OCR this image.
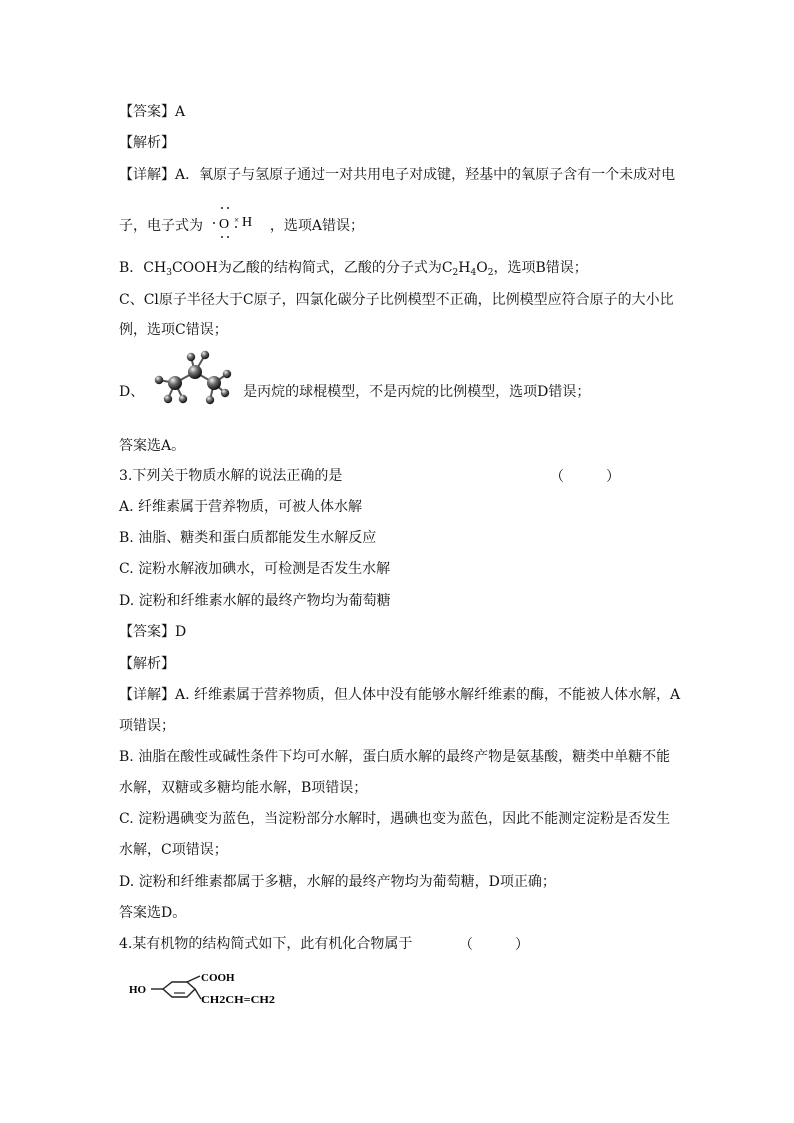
【答案】A
【解析】
【详解】A．氧原子与氢原子通过一对共用电子对成键，羟基中的氧原子含有一个未成对电
子，电子式为 O × H ，选项A错误；
B．$CH_3COOH$为乙酸的结构简式，乙酸的分子式为$C_2H_4O_2$，选项B错误；
C、Cl原子半径大于C原子，四氯化碳分子比例模型不正确，比例模型应符合原子的大小比
例，选项C错误；
D、	是丙烷的球棍模型，不是丙烷的比例模型，选项D错误；
答案选A。
3.下列关于物质水解的说法正确的是	（　　　）
A. 纤维素属于营养物质，可被人体水解
B. 油脂、糖类和蛋白质都能发生水解反应
C. 淀粉水解液加碘水，可检测是否发生水解
D. 淀粉和纤维素水解的最终产物均为葡萄糖
【答案】D
【解析】
【详解】A. 纤维素属于营养物质，但人体中没有能够水解纤维素的酶，不能被人体水解，A
项错误；
B. 油脂在酸性或碱性条件下均可水解，蛋白质水解的最终产物是氨基酸，糖类中单糖不能
水解，双糖或多糖均能水解，B项错误；
C. 淀粉遇碘变为蓝色，当淀粉部分水解时，遇碘也变为蓝色，因此不能测定淀粉是否发生
水解，C项错误；
D. 淀粉和纤维素都属于多糖，水解的最终产物均为葡萄糖，D项正确；
答案选D。
4.某有机物的结构简式如下，此有机化合物属于	（　　　）
HO
COOH
CH2CH=CH2
